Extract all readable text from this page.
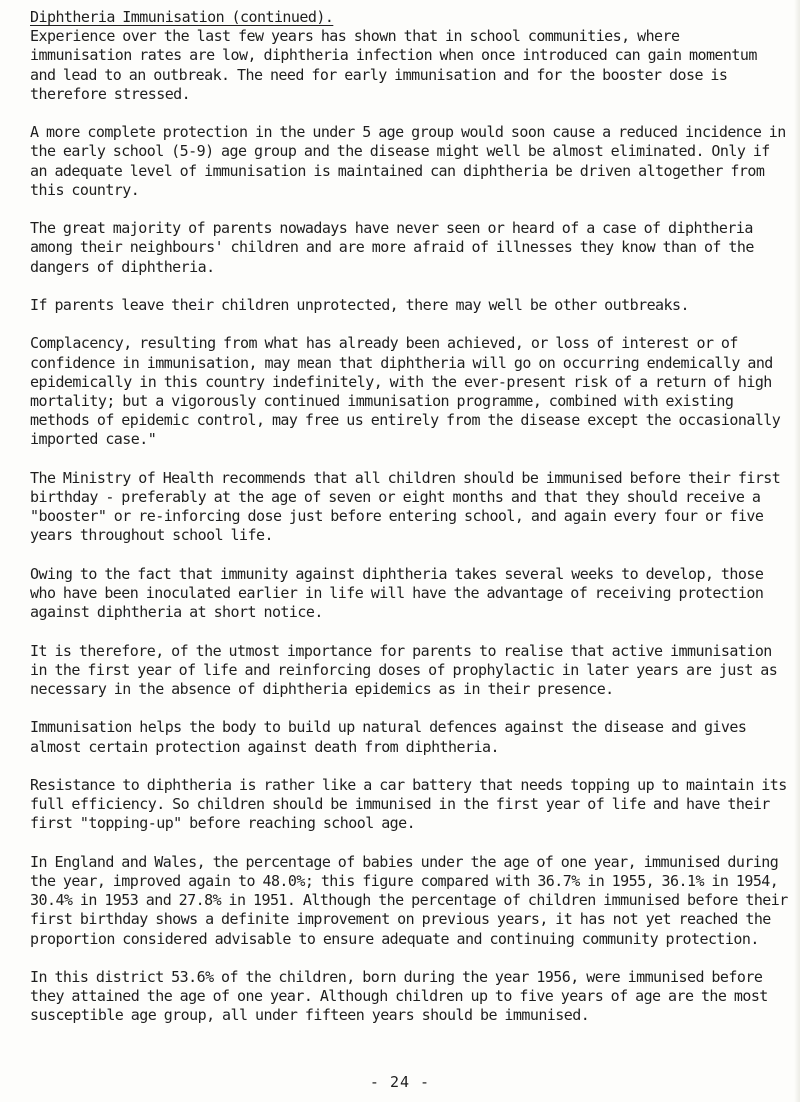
Diphtheria Immunisation (continued).

Experience over the last few years has shown that in school communities, where immunisation rates are low, diphtheria infection when once introduced can gain momentum and lead to an outbreak. The need for early immunisation and for the booster dose is therefore stressed.

A more complete protection in the under 5 age group would soon cause a reduced incidence in the early school (5-9) age group and the disease might well be almost eliminated. Only if an adequate level of immunisation is maintained can diphtheria be driven altogether from this country.

The great majority of parents nowadays have never seen or heard of a case of diphtheria among their neighbours' children and are more afraid of illnesses they know than of the dangers of diphtheria.

If parents leave their children unprotected, there may well be other outbreaks.

Complacency, resulting from what has already been achieved, or loss of interest or of confidence in immunisation, may mean that diphtheria will go on occurring endemically and epidemically in this country indefinitely, with the ever-present risk of a return of high mortality; but a vigorously continued immunisation programme, combined with existing methods of epidemic control, may free us entirely from the disease except the occasionally imported case."

The Ministry of Health recommends that all children should be immunised before their first birthday - preferably at the age of seven or eight months and that they should receive a "booster" or re-inforcing dose just before entering school, and again every four or five years throughout school life.

Owing to the fact that immunity against diphtheria takes several weeks to develop, those who have been inoculated earlier in life will have the advantage of receiving protection against diphtheria at short notice.

It is therefore, of the utmost importance for parents to realise that active immunisation in the first year of life and reinforcing doses of prophylactic in later years are just as necessary in the absence of diphtheria epidemics as in their presence.

Immunisation helps the body to build up natural defences against the disease and gives almost certain protection against death from diphtheria.

Resistance to diphtheria is rather like a car battery that needs topping up to maintain its full efficiency. So children should be immunised in the first year of life and have their first "topping-up" before reaching school age.

In England and Wales, the percentage of babies under the age of one year, immunised during the year, improved again to 48.0%; this figure compared with 36.7% in 1955, 36.1% in 1954, 30.4% in 1953 and 27.8% in 1951. Although the percentage of children immunised before their first birthday shows a definite improvement on previous years, it has not yet reached the proportion considered advisable to ensure adequate and continuing community protection.

In this district 53.6% of the children, born during the year 1956, were immunised before they attained the age of one year. Although children up to five years of age are the most susceptible age group, all under fifteen years should be immunised.

- 24 -
